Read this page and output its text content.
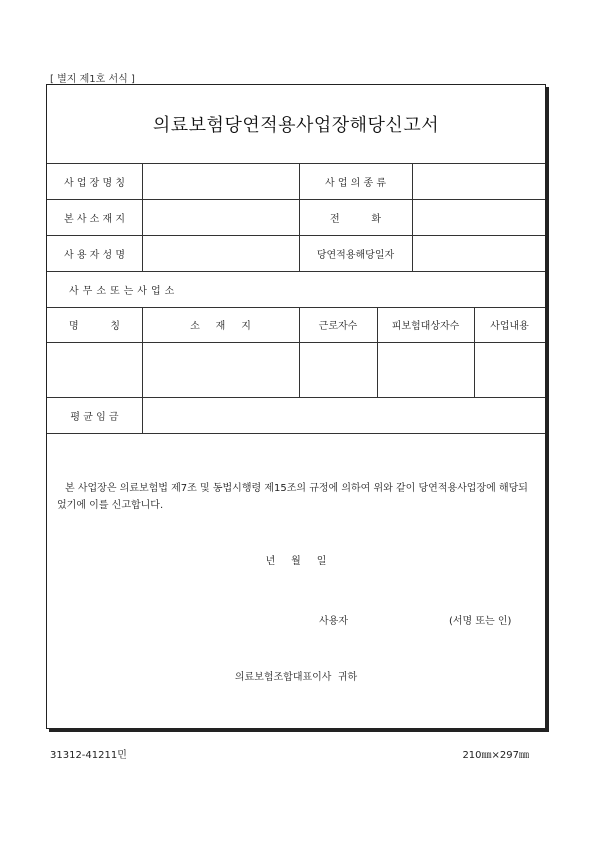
[ 별지 제1호 서식 ]
의료보험당연적용사업장해당신고서
사 업 장 명 칭	사 업 의 종 류
본 사 소 재 지	전          화
사 용 자 성 명	당연적용해당일자
사무소또는사업소
명          칭	소     재     지	근로자수	피보험대상자수	사업내용
평 균 임 금
본 사업장은 의료보험법 제7조 및 동법시행령 제15조의 규정에 의하여 위와 같이 당연적용사업장에 해당되었기에 이를 신고합니다.
년     월     일
사용자	(서명 또는 인)
의료보험조합대표이사  귀하
31312-41211민	210㎜×297㎜
